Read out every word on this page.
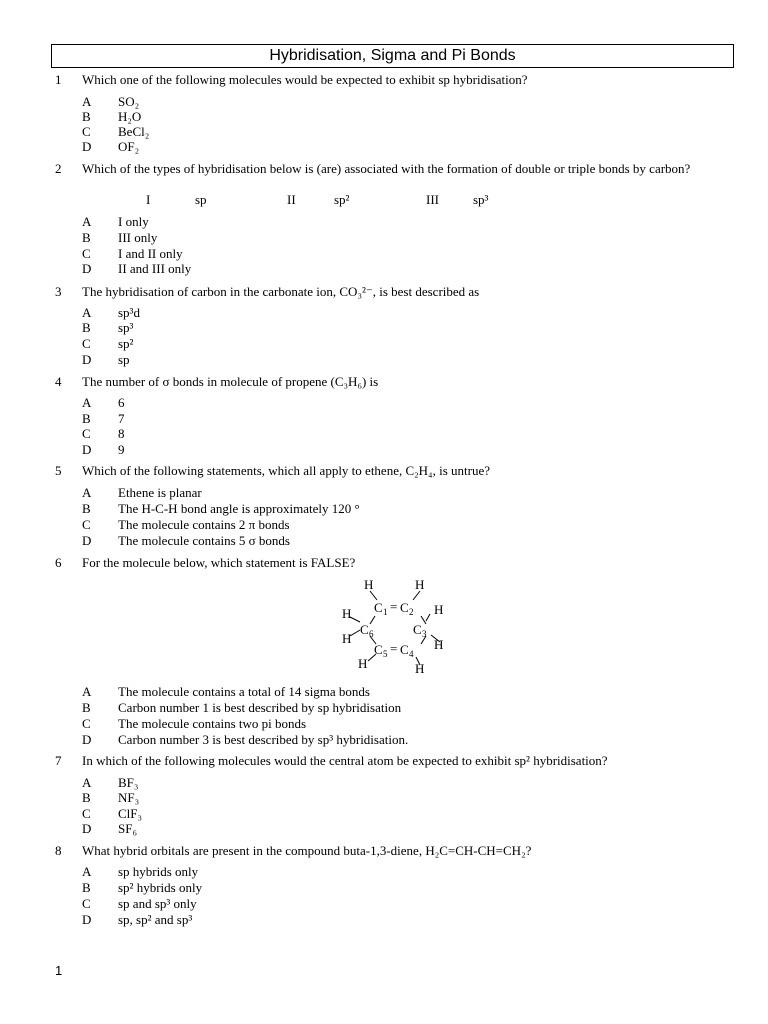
Hybridisation, Sigma and Pi Bonds
1 Which one of the following molecules would be expected to exhibit sp hybridisation?
A SO₂
B H₂O
C BeCl₂
D OF₂
2 Which of the types of hybridisation below is (are) associated with the formation of double or triple bonds by carbon?
I	sp	II	sp²	III	sp³
A I only
B III only
C I and II only
D II and III only
3 The hybridisation of carbon in the carbonate ion, CO₃²⁻, is best described as
A sp³d
B sp³
C sp²
D sp
4 The number of σ bonds in molecule of propene (C₃H₆) is
A 6
B 7
C 8
D 9
5 Which of the following statements, which all apply to ethene, C₂H₄, is untrue?
A Ethene is planar
B The H-C-H bond angle is approximately 120 °
C The molecule contains 2 π bonds
D The molecule contains 5 σ bonds
6 For the molecule below, which statement is FALSE?
H	H
H	H
H	H
H	H
C 1 = C 2
C 3
C 6
C 5 = C 4
A The molecule contains a total of 14 sigma bonds
B Carbon number 1 is best described by sp hybridisation
C The molecule contains two pi bonds
D Carbon number 3 is best described by sp³ hybridisation.
7 In which of the following molecules would the central atom be expected to exhibit sp² hybridisation?
A BF₃
B NF₃
C ClF₃
D SF₆
8 What hybrid orbitals are present in the compound buta-1,3-diene, H₂C=CH-CH=CH₂?
A sp hybrids only
B sp² hybrids only
C sp and sp³ only
D sp, sp² and sp³
1
